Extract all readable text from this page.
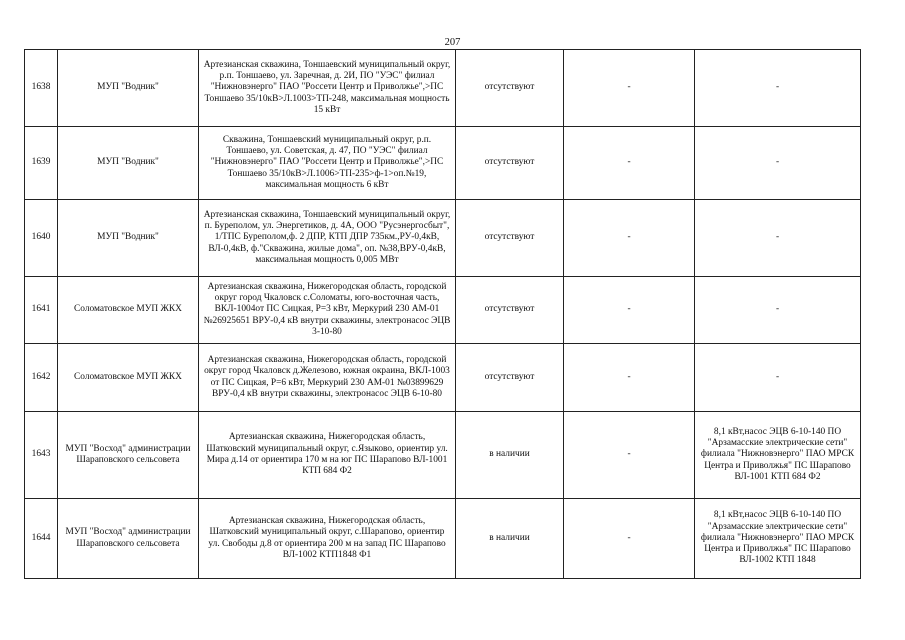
207
1638	МУП "Водник"	Артезианская скважина, Тоншаевский муниципальный округ, р.п. Тоншаево, ул. Заречная, д. 2И, ПО "УЭС" филиал "Нижновэнерго" ПАО "Россети Центр и Приволжье",>ПС Тоншаево 35/10кВ>Л.1003>ТП-248, максимальная мощность 15 кВт	отсутствуют	-	-
1639	МУП "Водник"	Скважина, Тоншаевский муниципальный округ, р.п. Тоншаево, ул. Советская, д. 47, ПО "УЭС" филиал "Нижновэнерго" ПАО "Россети Центр и Приволжье",>ПС Тоншаево 35/10кВ>Л.1006>ТП-235>ф-1>оп.№19, максимальная мощность 6 кВт	отсутствуют	-	-
1640	МУП "Водник"	Артезианская скважина, Тоншаевский муниципальный округ, п. Буреполом, ул. Энергетиков, д. 4А, ООО "Русэнергосбыт", 1/ТПС Буреполом,ф. 2 ДПР, КТП ДПР 735км.,РУ-0,4кВ, ВЛ-0,4кВ, ф."Скважина, жилые дома", оп. №38,ВРУ-0,4кВ, максимальная мощность 0,005 МВт	отсутствуют	-	-
1641	Соломатовское МУП ЖКХ	Артезианская скважина, Нижегородская область, городской округ город Чкаловск с.Соломаты, юго-восточная часть, ВКЛ-1004от ПС Сицкая, Р=3 кВт, Меркурий 230 АМ-01 №26925651 ВРУ-0,4 кВ внутри скважины, электронасос ЭЦВ 3-10-80	отсутствуют	-	-
1642	Соломатовское МУП ЖКХ	Артезианская скважина, Нижегородская область, городской округ город Чкаловск д.Железово, южная окраина, ВКЛ-1003 от ПС Сицкая, Р=6 кВт, Меркурий 230 АМ-01 №03899629 ВРУ-0,4 кВ внутри скважины, электронасос ЭЦВ 6-10-80	отсутствуют	-	-
1643	МУП "Восход" администрации Шараповского сельсовета	Артезианская скважина, Нижегородская область, Шатковский муниципальный округ, с.Языково, ориентир ул. Мира д.14 от ориентира 170 м на юг ПС Шарапово ВЛ-1001 КТП 684 Ф2	в наличии	-	8,1 кВт,насос ЭЦВ 6-10-140 ПО "Арзамасские электрические сети" филиала "Нижновэнерго" ПАО МРСК Центра и Приволжья" ПС Шарапово ВЛ-1001 КТП 684 Ф2
1644	МУП "Восход" администрации Шараповского сельсовета	Артезианская скважина, Нижегородская область, Шатковский муниципальный округ, с.Шарапово, ориентир ул. Свободы д.8 от ориентира 200 м на запад ПС Шарапово ВЛ-1002 КТП1848 Ф1	в наличии	-	8,1 кВт,насос ЭЦВ 6-10-140 ПО "Арзамасские электрические сети" филиала "Нижновэнерго" ПАО МРСК Центра и Приволжья" ПС Шарапово ВЛ-1002 КТП 1848
